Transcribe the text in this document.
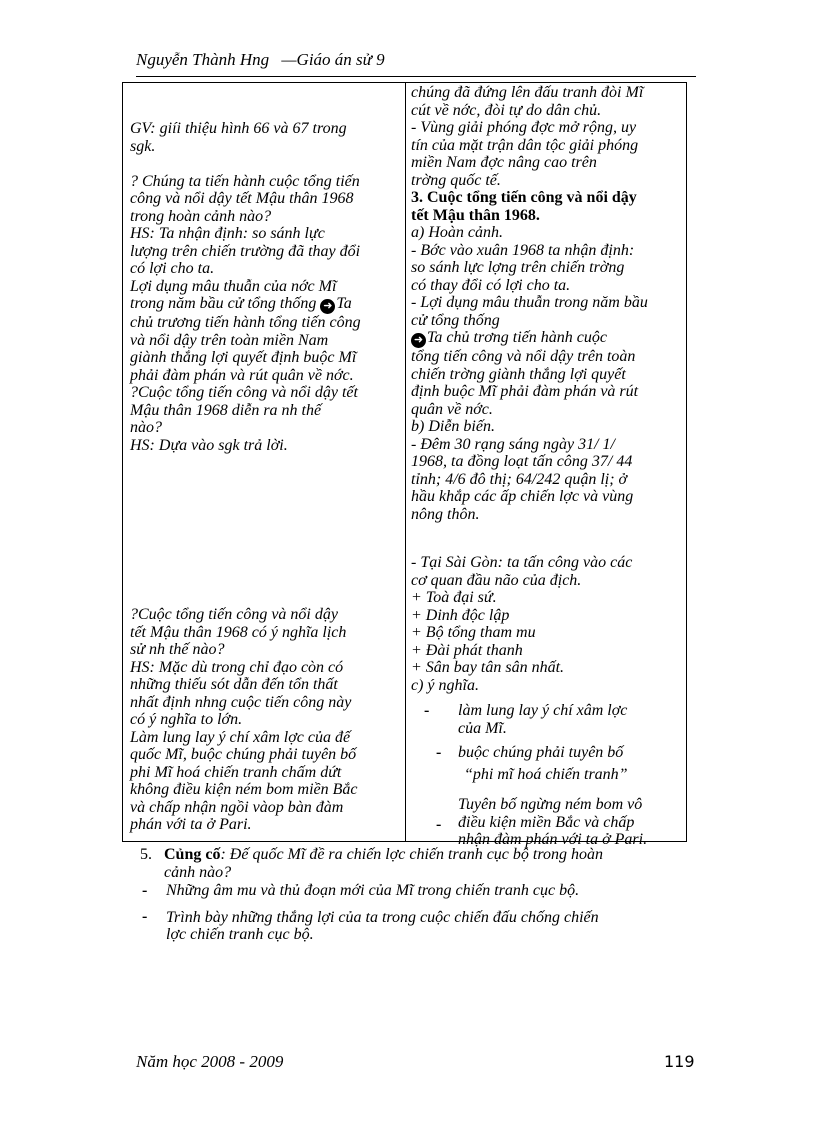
Nguyễn Thành Hng —Giáo án sử 9
GV: giíi thiệu hình 66 và 67 trong
sgk.
? Chúng ta tiến hành cuộc tổng tiến
công và nổi dậy tết Mậu thân 1968
trong hoàn cảnh nào?
HS: Ta nhận định: so sánh lực
lượng trên chiến trường đã thay đổi
có lợi cho ta.
Lợi dụng mâu thuẫn của nớc Mĩ
trong năm bầu cử tổng thống ➜ Ta
chủ trương tiến hành tổng tiến công
và nổi dậy trên toàn miền Nam
giành thắng lợi quyết định buộc Mĩ
phải đàm phán và rút quân về nớc.
?Cuộc tổng tiến công và nổi dậy tết
Mậu thân 1968 diễn ra nh thế
nào?
HS: Dựa vào sgk trả lời.
?Cuộc tổng tiến công và nổi dậy
tết Mậu thân 1968 có ý nghĩa lịch
sử nh thế nào?
HS: Mặc dù trong chỉ đạo còn có
những thiếu sót dẫn đến tổn thất
nhất định nhng cuộc tiến công này
có ý nghĩa to lớn.
Làm lung lay ý chí xâm lợc của đế
quốc Mĩ, buộc chúng phải tuyên bố
phi Mĩ hoá chiến tranh chấm dứt
không điều kiện ném bom miền Bắc
và chấp nhận ngồi vàop bàn đàm
phán với ta ở Pari.
chúng đã đứng lên đấu tranh đòi Mĩ
cút về nớc, đòi tự do dân chủ.
- Vùng giải phóng đợc mở rộng, uy
tín của mặt trận dân tộc giải phóng
miền Nam đợc nâng cao trên
trờng quốc tế.
3. Cuộc tổng tiến công và nổi dậy
tết Mậu thân 1968.
a) Hoàn cảnh.
- Bớc vào xuân 1968 ta nhận định:
so sánh lực lợng trên chiến trờng
có thay đổi có lợi cho ta.
- Lợi dụng mâu thuẫn trong năm bầu
cử tổng thống
➜ Ta chủ trơng tiến hành cuộc
tổng tiến công và nổi dậy trên toàn
chiến trờng giành thắng lợi quyết
định buộc Mĩ phải đàm phán và rút
quân về nớc.
b) Diễn biến.
- Đêm 30 rạng sáng ngày 31/ 1/
1968, ta đồng loạt tấn công 37/ 44
tỉnh; 4/6 đô thị; 64/242 quận lị; ở
hầu khắp các ấp chiến lợc và vùng
nông thôn.
- Tại Sài Gòn: ta tấn công vào các
cơ quan đầu não của địch.
+ Toà đại sứ.
+ Dinh độc lập
+ Bộ tổng tham mu
+ Đài phát thanh
+ Sân bay tân sân nhất.
c) ý nghĩa.
- làm lung lay ý chí xâm lợc
của Mĩ.
- buộc chúng phải tuyên bố
“phi mĩ hoá chiến tranh”
-
Tuyên bố ngừng ném bom vô
điều kiện miền Bắc và chấp
nhận đàm phán với ta ở Pari.
5. Củng cố: Đế quốc Mĩ đề ra chiến lợc chiến tranh cục bộ trong hoàn
cảnh nào?
- Những âm mu và thủ đoạn mới của Mĩ trong chiến tranh cục bộ.
- Trình bày những thắng lợi của ta trong cuộc chiến đấu chống chiến
lợc chiến tranh cục bộ.
Năm học 2008 - 2009	119
